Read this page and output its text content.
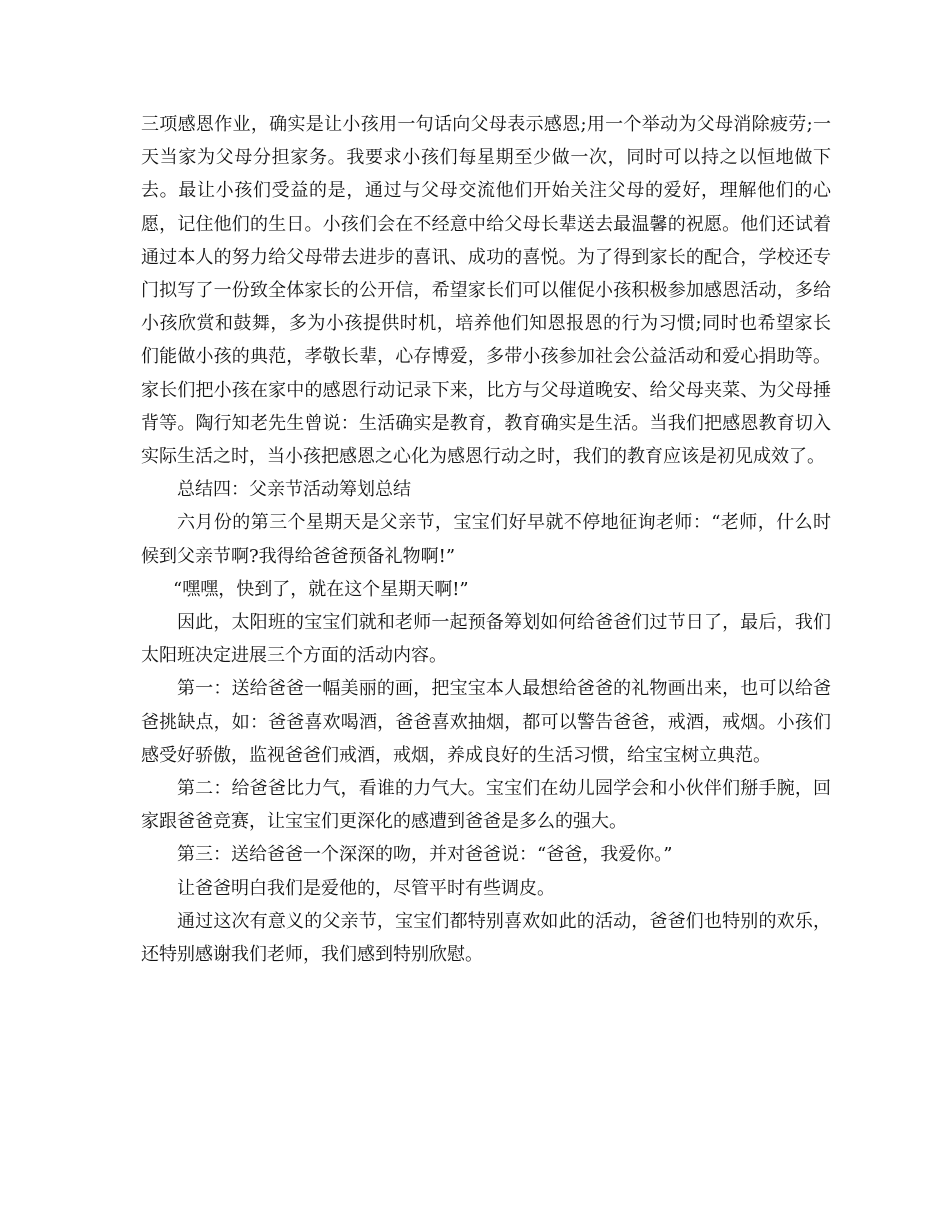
三项感恩作业，确实是让小孩用一句话向父母表示感恩;用一个举动为父母消除疲劳;一天当家为父母分担家务。我要求小孩们每星期至少做一次，同时可以持之以恒地做下去。最让小孩们受益的是，通过与父母交流他们开始关注父母的爱好，理解他们的心愿，记住他们的生日。小孩们会在不经意中给父母长辈送去最温馨的祝愿。他们还试着通过本人的努力给父母带去进步的喜讯、成功的喜悦。为了得到家长的配合，学校还专门拟写了一份致全体家长的公开信，希望家长们可以催促小孩积极参加感恩活动，多给小孩欣赏和鼓舞，多为小孩提供时机，培养他们知恩报恩的行为习惯;同时也希望家长们能做小孩的典范，孝敬长辈，心存博爱，多带小孩参加社会公益活动和爱心捐助等。家长们把小孩在家中的感恩行动记录下来，比方与父母道晚安、给父母夹菜、为父母捶背等。陶行知老先生曾说：生活确实是教育，教育确实是生活。当我们把感恩教育切入实际生活之时，当小孩把感恩之心化为感恩行动之时，我们的教育应该是初见成效了。

总结四：父亲节活动筹划总结

六月份的第三个星期天是父亲节，宝宝们好早就不停地征询老师：“老师，什么时候到父亲节啊?我得给爸爸预备礼物啊!”

“嘿嘿，快到了，就在这个星期天啊!”

因此，太阳班的宝宝们就和老师一起预备筹划如何给爸爸们过节日了，最后，我们太阳班决定进展三个方面的活动内容。

第一：送给爸爸一幅美丽的画，把宝宝本人最想给爸爸的礼物画出来，也可以给爸爸挑缺点，如：爸爸喜欢喝酒，爸爸喜欢抽烟，都可以警告爸爸，戒酒，戒烟。小孩们感受好骄傲，监视爸爸们戒酒，戒烟，养成良好的生活习惯，给宝宝树立典范。

第二：给爸爸比力气，看谁的力气大。宝宝们在幼儿园学会和小伙伴们掰手腕，回家跟爸爸竞赛，让宝宝们更深化的感遭到爸爸是多么的强大。

第三：送给爸爸一个深深的吻，并对爸爸说：“爸爸，我爱你。”

让爸爸明白我们是爱他的，尽管平时有些调皮。

通过这次有意义的父亲节，宝宝们都特别喜欢如此的活动，爸爸们也特别的欢乐，还特别感谢我们老师，我们感到特别欣慰。
